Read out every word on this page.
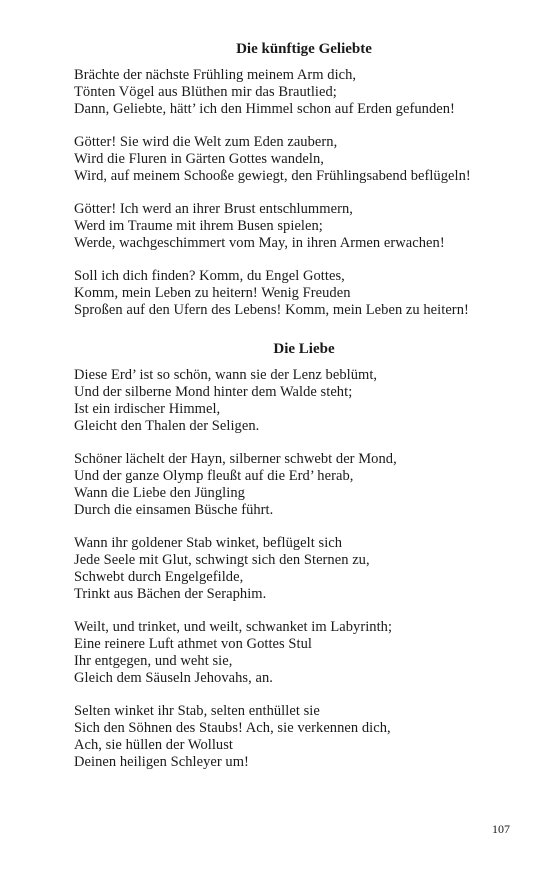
Die künftige Geliebte
Brächte der nächste Frühling meinem Arm dich,
Tönten Vögel aus Blüthen mir das Brautlied;
Dann, Geliebte, hätt’ ich den Himmel schon auf Erden gefunden!
Götter! Sie wird die Welt zum Eden zaubern,
Wird die Fluren in Gärten Gottes wandeln,
Wird, auf meinem Schooße gewiegt, den Frühlingsabend beflügeln!
Götter! Ich werd an ihrer Brust entschlummern,
Werd im Traume mit ihrem Busen spielen;
Werde, wachgeschimmert vom May, in ihren Armen erwachen!
Soll ich dich finden? Komm, du Engel Gottes,
Komm, mein Leben zu heitern! Wenig Freuden
Sproßen auf den Ufern des Lebens! Komm, mein Leben zu heitern!
Die Liebe
Diese Erd’ ist so schön, wann sie der Lenz beblümt,
Und der silberne Mond hinter dem Walde steht;
Ist ein irdischer Himmel,
Gleicht den Thalen der Seligen.
Schöner lächelt der Hayn, silberner schwebt der Mond,
Und der ganze Olymp fleußt auf die Erd’ herab,
Wann die Liebe den Jüngling
Durch die einsamen Büsche führt.
Wann ihr goldener Stab winket, beflügelt sich
Jede Seele mit Glut, schwingt sich den Sternen zu,
Schwebt durch Engelgefilde,
Trinkt aus Bächen der Seraphim.
Weilt, und trinket, und weilt, schwanket im Labyrinth;
Eine reinere Luft athmet von Gottes Stul
Ihr entgegen, und weht sie,
Gleich dem Säuseln Jehovahs, an.
Selten winket ihr Stab, selten enthüllet sie
Sich den Söhnen des Staubs! Ach, sie verkennen dich,
Ach, sie hüllen der Wollust
Deinen heiligen Schleyer um!
107
